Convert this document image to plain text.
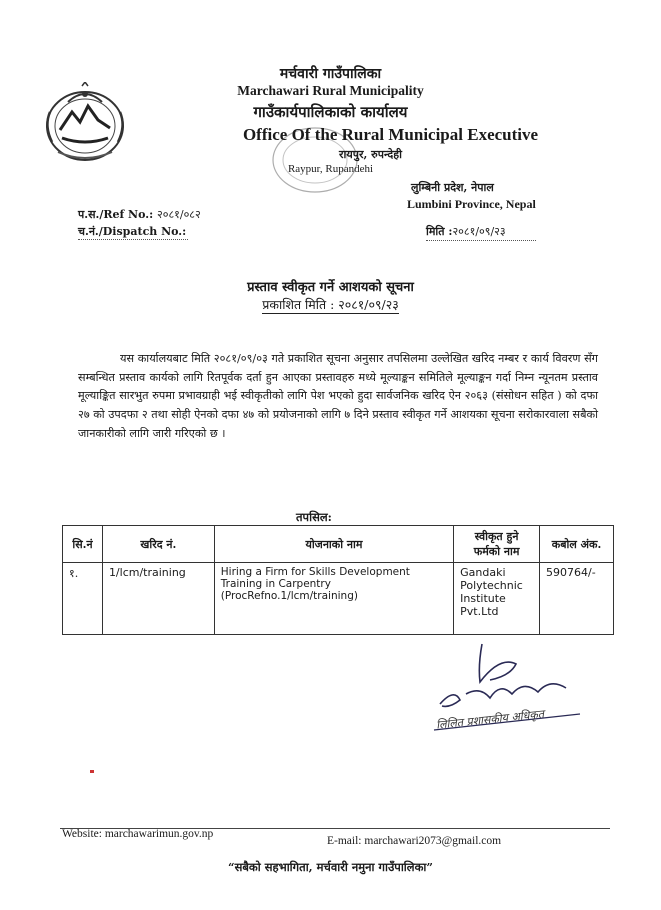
मर्चवारी गाउँपालिका
Marchawari Rural Municipality
गाउँकार्यपालिकाको कार्यालय
Office Of the Rural Municipal Executive
रायपुर, रुपन्देही
Raypur, Rupandehi
लुम्बिनी प्रदेश, नेपाल
Lumbini Province, Nepal
प.स./Ref No.: २०८१/०८२
च.नं./Dispatch No.:	मिति :२०८१/०९/२३
प्रस्ताव स्वीकृत गर्ने आशयको सूचना
प्रकाशित मिति : २०८१/०९/२३
यस कार्यालयबाट मिति २०८१/०९/०३ गते प्रकाशित सूचना अनुसार तपसिलमा उल्लेखित खरिद नम्बर र कार्य विवरण सँग सम्बन्धित प्रस्ताव कार्यको लागि रितपूर्वक दर्ता हुन आएका प्रस्तावहरु मध्ये मूल्याङ्कन समितिले मूल्याङ्कन गर्दा निम्न न्यूनतम प्रस्ताव मूल्याङ्कित सारभुत रुपमा प्रभावग्राही भई स्वीकृतीको लागि पेश भएको हुदा सार्वजनिक खरिद ऐन २०६३ (संसोधन सहित ) को दफा २७ को उपदफा २ तथा सोही ऐनको दफा ४७ को प्रयोजनाको लागि ७ दिने प्रस्ताव स्वीकृत गर्ने आशयका सूचना सरोकारवाला सबैको जानकारीको लागि जारी गरिएको छ ।
तपसिल:
सि.नं	खरिद नं.	योजनाको नाम	स्वीकृत हुने फर्मको नाम	कबोल अंक.
१.	1/lcm/training	Hiring a Firm for Skills Development Training in Carpentry (ProcRefno.1/lcm/training)	Gandaki Polytechnic Institute Pvt.Ltd	590764/-
लिलित प्रशासकीय अधिकृत
Website: marchawarimun.gov.np
E-mail: marchawari2073@gmail.com
“सबैको सहभागिता, मर्चवारी नमुना गाउँपालिका”
